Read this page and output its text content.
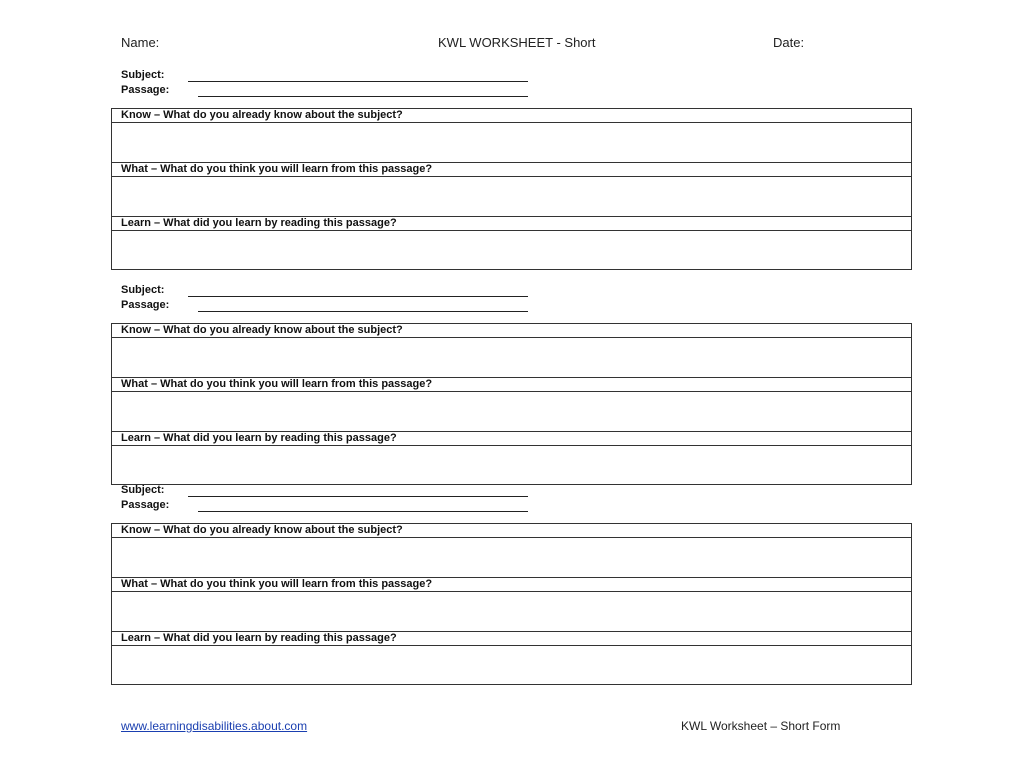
Name:	KWL WORKSHEET - Short	Date:
Subject:
Passage:
Know – What do you already know about the subject?
What – What do you think you will learn from this passage?
Learn – What did you learn by reading this passage?
Subject:
Passage:
Know – What do you already know about the subject?
What – What do you think you will learn from this passage?
Learn – What did you learn by reading this passage?
Subject:
Passage:
Know – What do you already know about the subject?
What – What do you think you will learn from this passage?
Learn – What did you learn by reading this passage?
www.learningdisabilities.about.com	KWL Worksheet – Short Form
